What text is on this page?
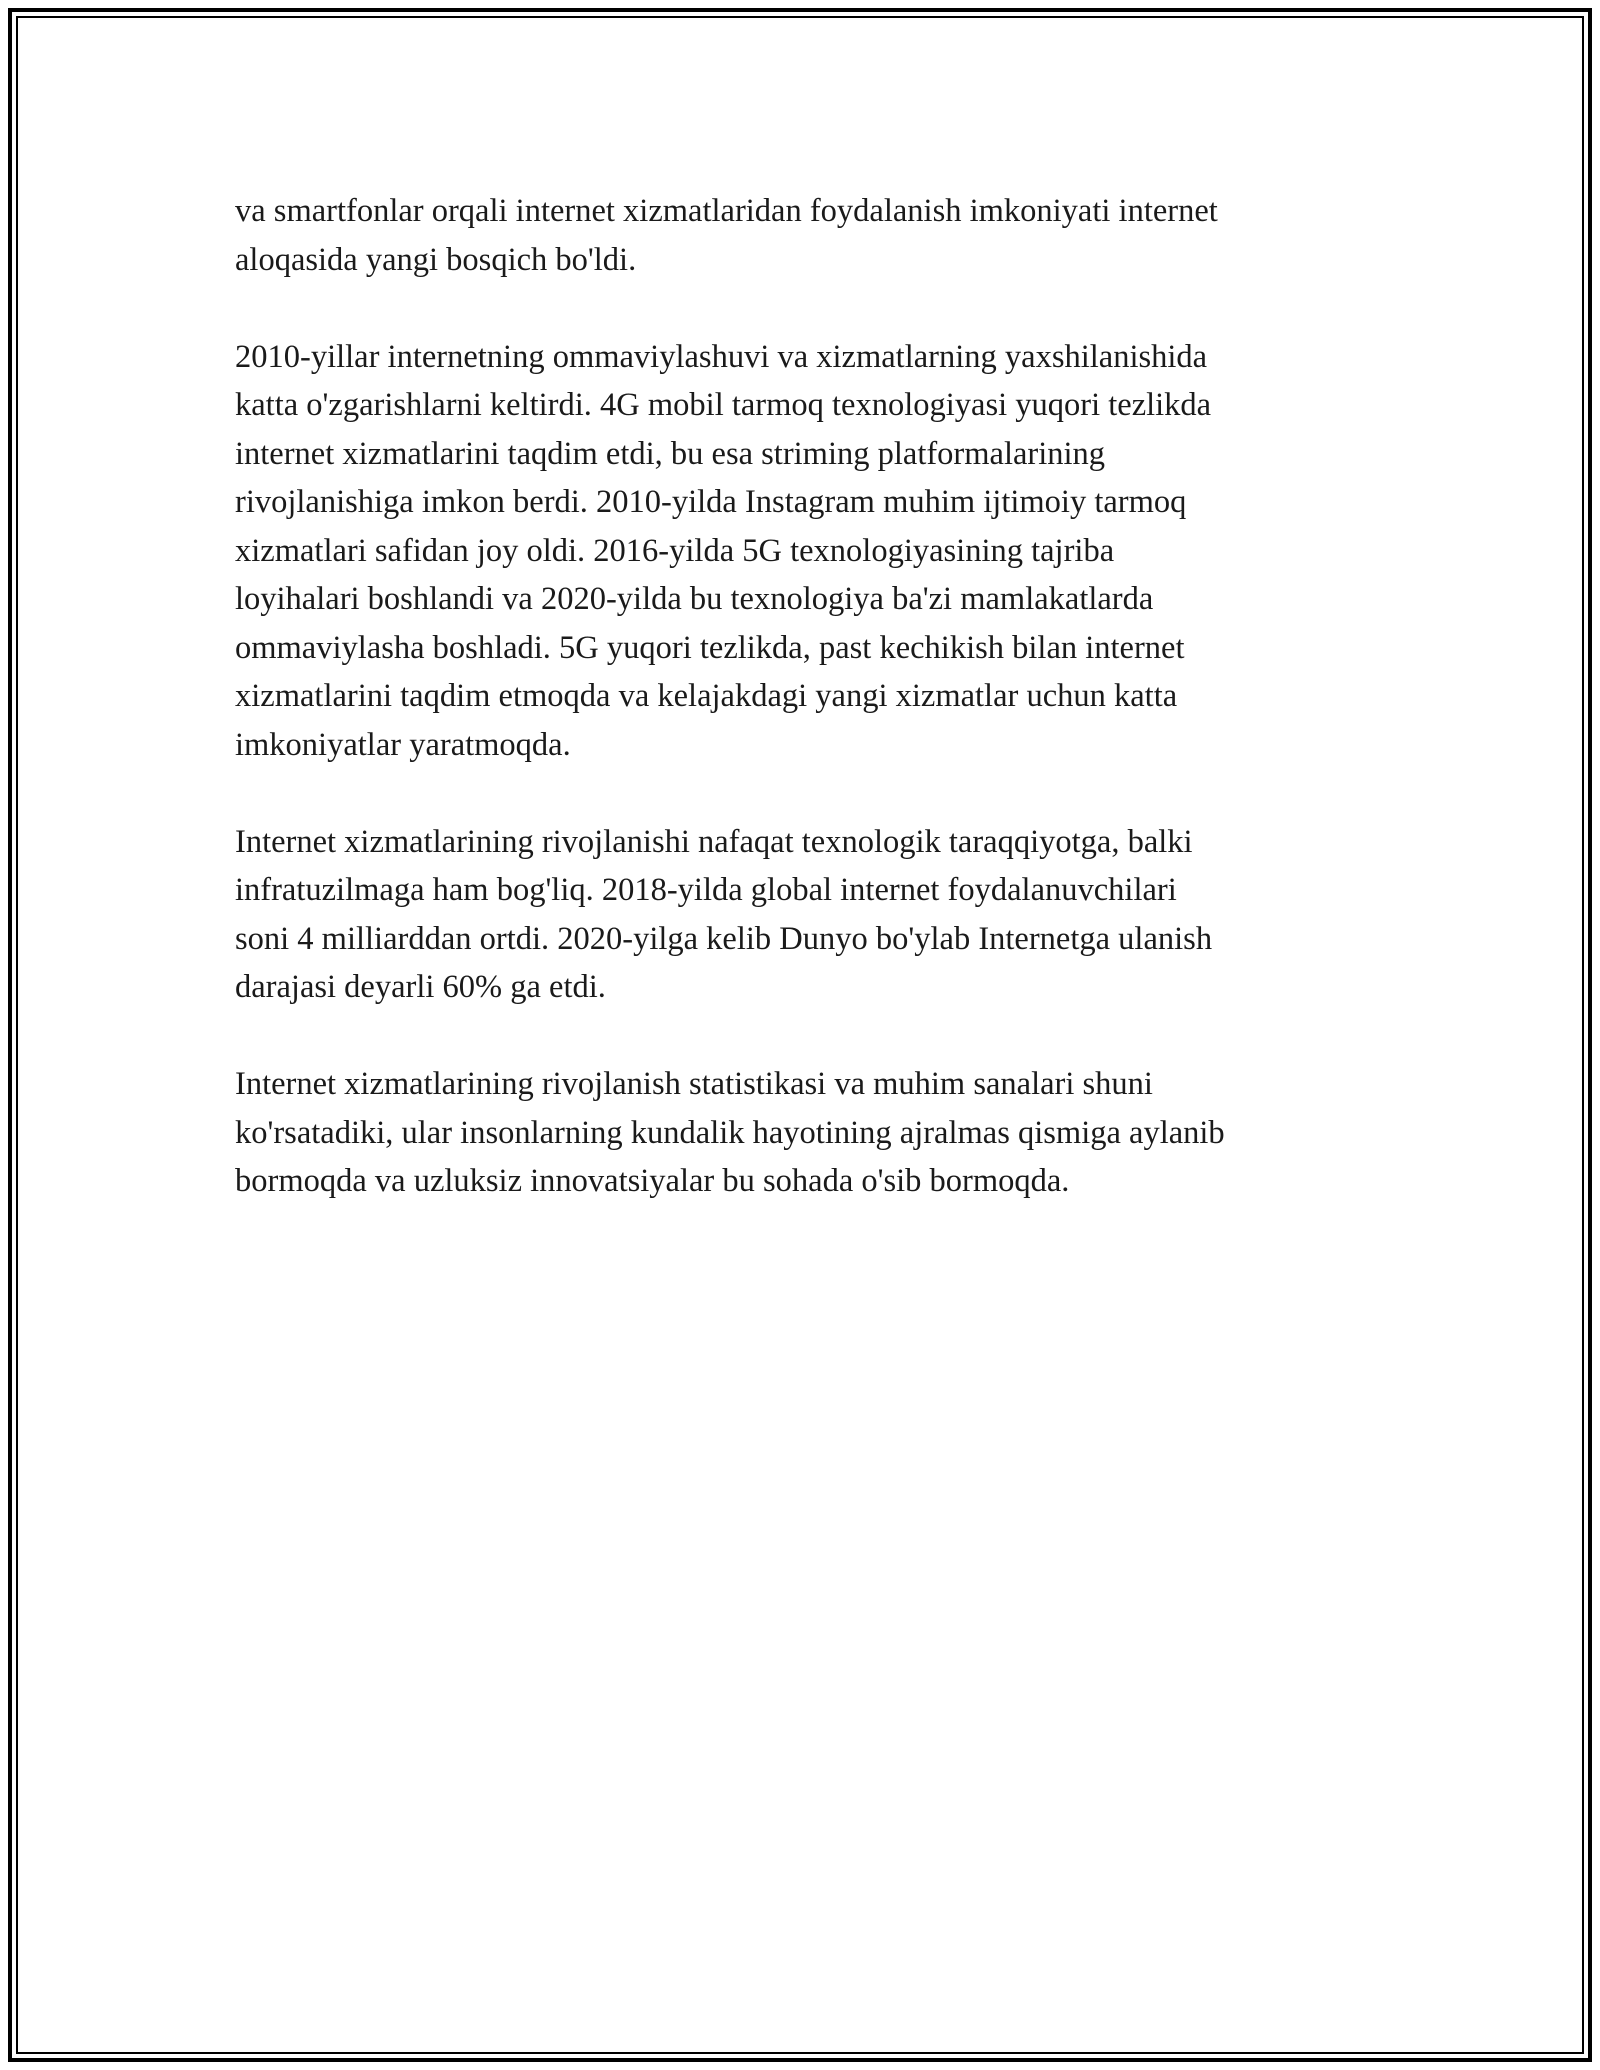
va smartfonlar orqali internet xizmatlaridan foydalanish imkoniyati internet
aloqasida yangi bosqich bo'ldi.

2010-yillar internetning ommaviylashuvi va xizmatlarning yaxshilanishida
katta o'zgarishlarni keltirdi. 4G mobil tarmoq texnologiyasi yuqori tezlikda
internet xizmatlarini taqdim etdi, bu esa striming platformalarining
rivojlanishiga imkon berdi. 2010-yilda Instagram muhim ijtimoiy tarmoq
xizmatlari safidan joy oldi. 2016-yilda 5G texnologiyasining tajriba
loyihalari boshlandi va 2020-yilda bu texnologiya ba'zi mamlakatlarda
ommaviylasha boshladi. 5G yuqori tezlikda, past kechikish bilan internet
xizmatlarini taqdim etmoqda va kelajakdagi yangi xizmatlar uchun katta
imkoniyatlar yaratmoqda.

Internet xizmatlarining rivojlanishi nafaqat texnologik taraqqiyotga, balki
infratuzilmaga ham bog'liq. 2018-yilda global internet foydalanuvchilari
soni 4 milliarddan ortdi. 2020-yilga kelib Dunyo bo'ylab Internetga ulanish
darajasi deyarli 60% ga etdi.

Internet xizmatlarining rivojlanish statistikasi va muhim sanalari shuni
ko'rsatadiki, ular insonlarning kundalik hayotining ajralmas qismiga aylanib
bormoqda va uzluksiz innovatsiyalar bu sohada o'sib bormoqda.
